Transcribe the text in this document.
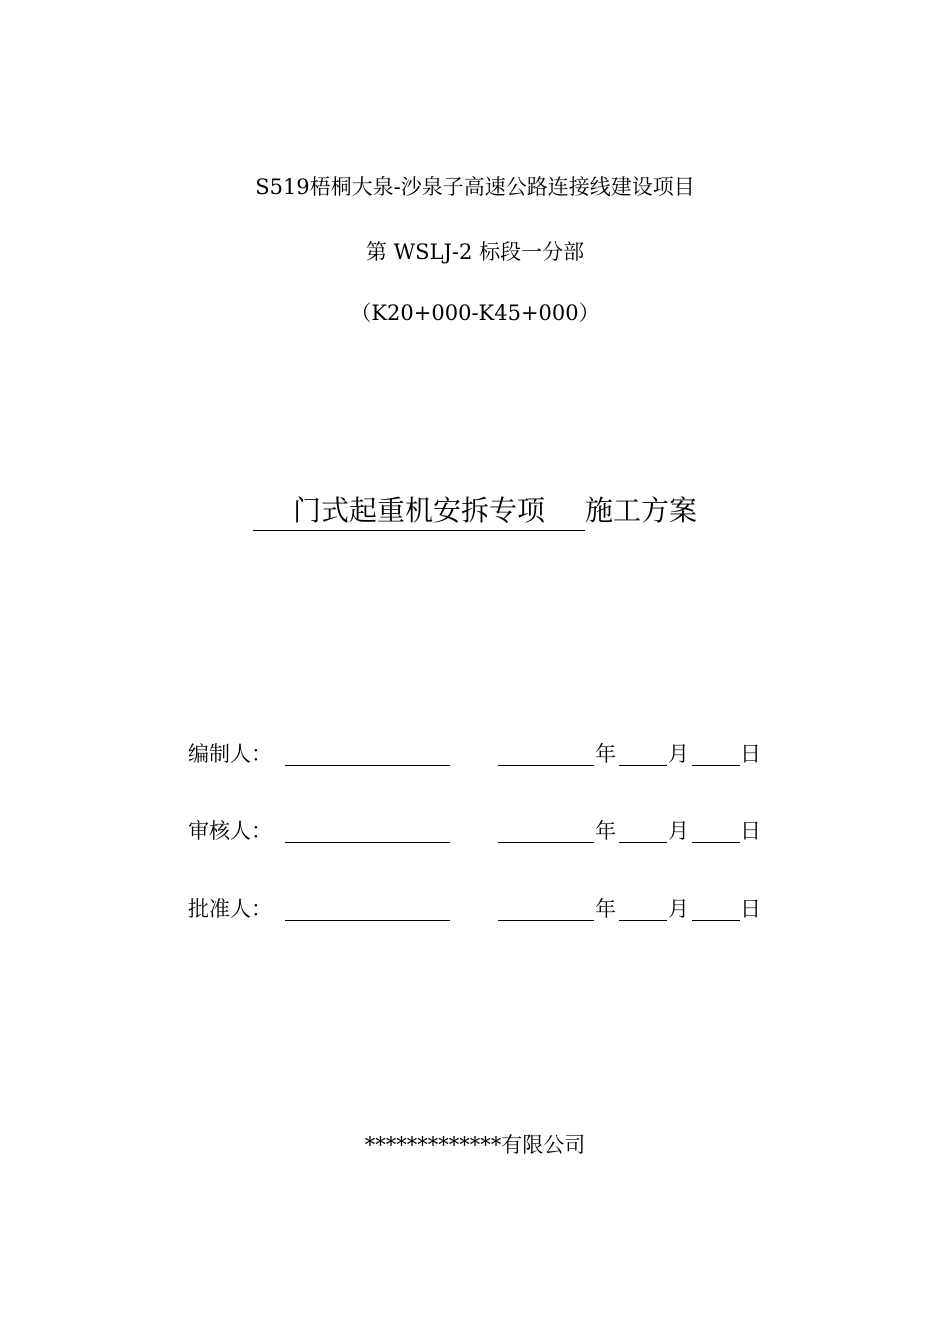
S519梧桐大泉-沙泉子高速公路连接线建设项目
第 WSLJ-2 标段一分部
（K20+000-K45+000）
门式起重机安拆专项 施工方案
编制人：	年 月 日
审核人：	年 月 日
批准人：	年 月 日
*************有限公司
